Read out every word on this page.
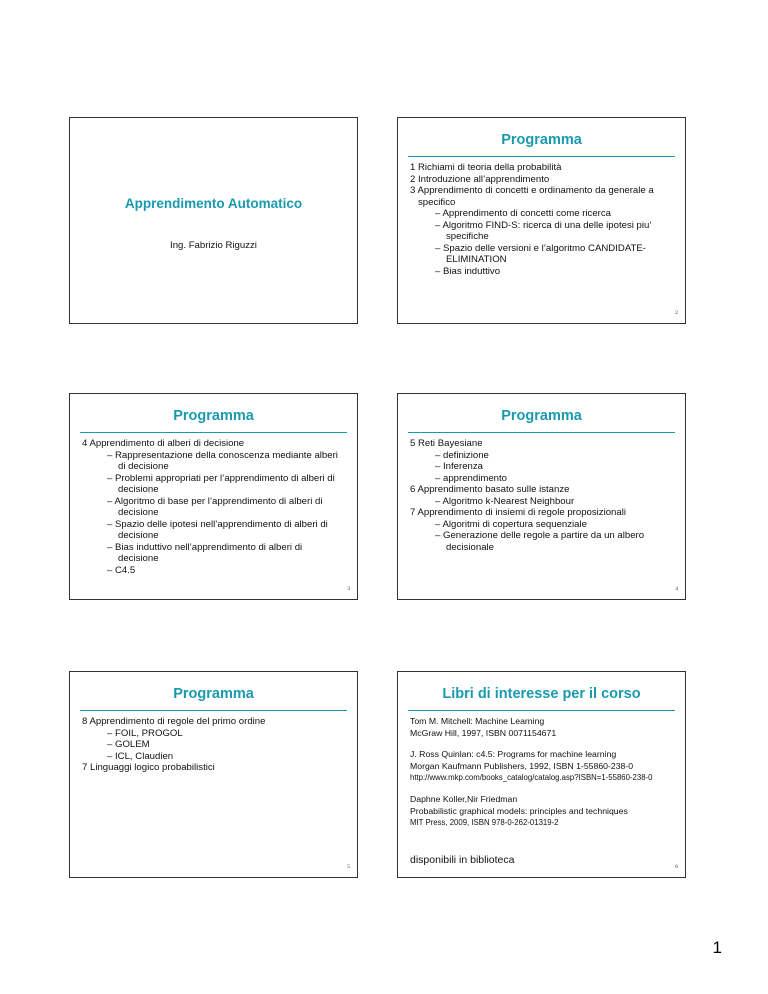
Apprendimento Automatico
Ing. Fabrizio Riguzzi
Programma
1 Richiami di teoria della probabilità
2 Introduzione all’apprendimento
3 Apprendimento di concetti e ordinamento da generale a specifico
– Apprendimento di concetti come ricerca
– Algoritmo FIND-S: ricerca di una delle ipotesi piu’ specifiche
– Spazio delle versioni e l’algoritmo CANDIDATE-ELIMINATION
– Bias induttivo
2
Programma
4 Apprendimento di alberi di decisione
– Rappresentazione della conoscenza mediante alberi di decisione
– Problemi appropriati per l’apprendimento di alberi di decisione
– Algoritmo di base per l’apprendimento di alberi di decisione
– Spazio delle ipotesi nell’apprendimento di alberi di decisione
– Bias induttivo nell’apprendimento di alberi di decisione
– C4.5
3
Programma
5 Reti Bayesiane
– definizione
– Inferenza
– apprendimento
6 Apprendimento basato sulle istanze
– Algoritmo k-Nearest Neighbour
7 Apprendimento di insiemi di regole proposizionali
– Algoritmi di copertura sequenziale
– Generazione delle regole a partire da un albero decisionale
4
Programma
8 Apprendimento di regole del primo ordine
– FOIL, PROGOL
– GOLEM
– ICL, Claudien
7 Linguaggi logico probabilistici
5
Libri di interesse per il corso
Tom M. Mitchell: Machine Learning
McGraw Hill, 1997, ISBN 0071154671
J. Ross Quinlan: c4.5: Programs for machine learning
Morgan Kaufmann Publishers, 1992, ISBN 1-55860-238-0
http://www.mkp.com/books_catalog/catalog.asp?ISBN=1-55860-238-0
Daphne Koller,Nir Friedman
Probabilistic graphical models: principles and techniques
MIT Press, 2009, ISBN 978-0-262-01319-2
disponibili in biblioteca
6
1
